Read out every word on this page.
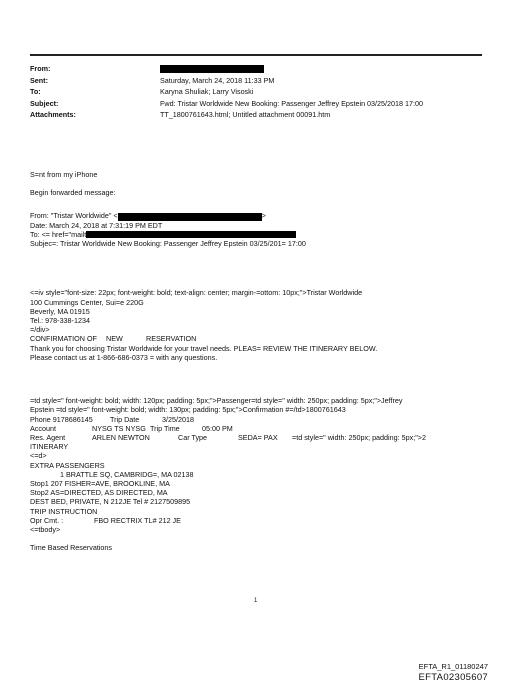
From:
Sent:	Saturday, March 24, 2018 11:33 PM
To:	Karyna Shuliak; Larry Visoski
Subject:	Fwd: Tristar Worldwide New Booking: Passenger Jeffrey Epstein 03/25/2018 17:00
Attachments:	TT_1800761643.html; Untitled attachment 00091.htm
S=nt from my iPhone
Begin forwarded message:
From: "Tristar Worldwide" <	>
Date: March 24, 2018 at 7:31:19 PM EDT
To: <= href="mailt
Subjec=: Tristar Worldwide New Booking: Passenger Jeffrey Epstein 03/25/201= 17:00
<=iv style="font-size: 22px; font-weight: bold; text-align: center; margin-=ottom: 10px;">Tristar Worldwide
100 Cummings Center, Sui=e 220G
Beverly, MA 01915
Tel.: 978-338-1234
=/div>
CONFIRMATION OF NEW	RESERVATION
Thank you for choosing Tristar Worldwide for your travel needs. PLEAS= REVIEW THE ITINERARY BELOW.
Please contact us at 1-866-686-0373 = with any questions.
=td style=" font-weight: bold; width: 120px; padding: 5px;">Passenger=td style=" width: 250px; padding: 5px;">Jeffrey
Epstein =td style=" font-weight: bold; width: 130px; padding: 5px;">Confirmation #=/td>1800761643
Phone 9178686145 Trip Date	3/25/2018
Account	NYSG TS NYSG Trip Time	05:00 PM
Res. Agent	ARLEN NEWTON	Car Type	SEDA= PAX =td style=" width: 250px; padding: 5px;">2
ITINERARY
<=d>
EXTRA PASSENGERS
1 BRATTLE SQ, CAMBRIDG=, MA 02138
Stop1 207 FISHER=AVE, BROOKLINE, MA
Stop2 AS=DIRECTED, AS DIRECTED, MA
DEST BED, PRIVATE, N 212JE Tel # 2127509895
TRIP INSTRUCTION
Opr Cmt. :	FBO RECTRIX TL# 212 JE
<=tbody>
Time Based Reservations
1
EFTA_R1_01180247
EFTA02305607
